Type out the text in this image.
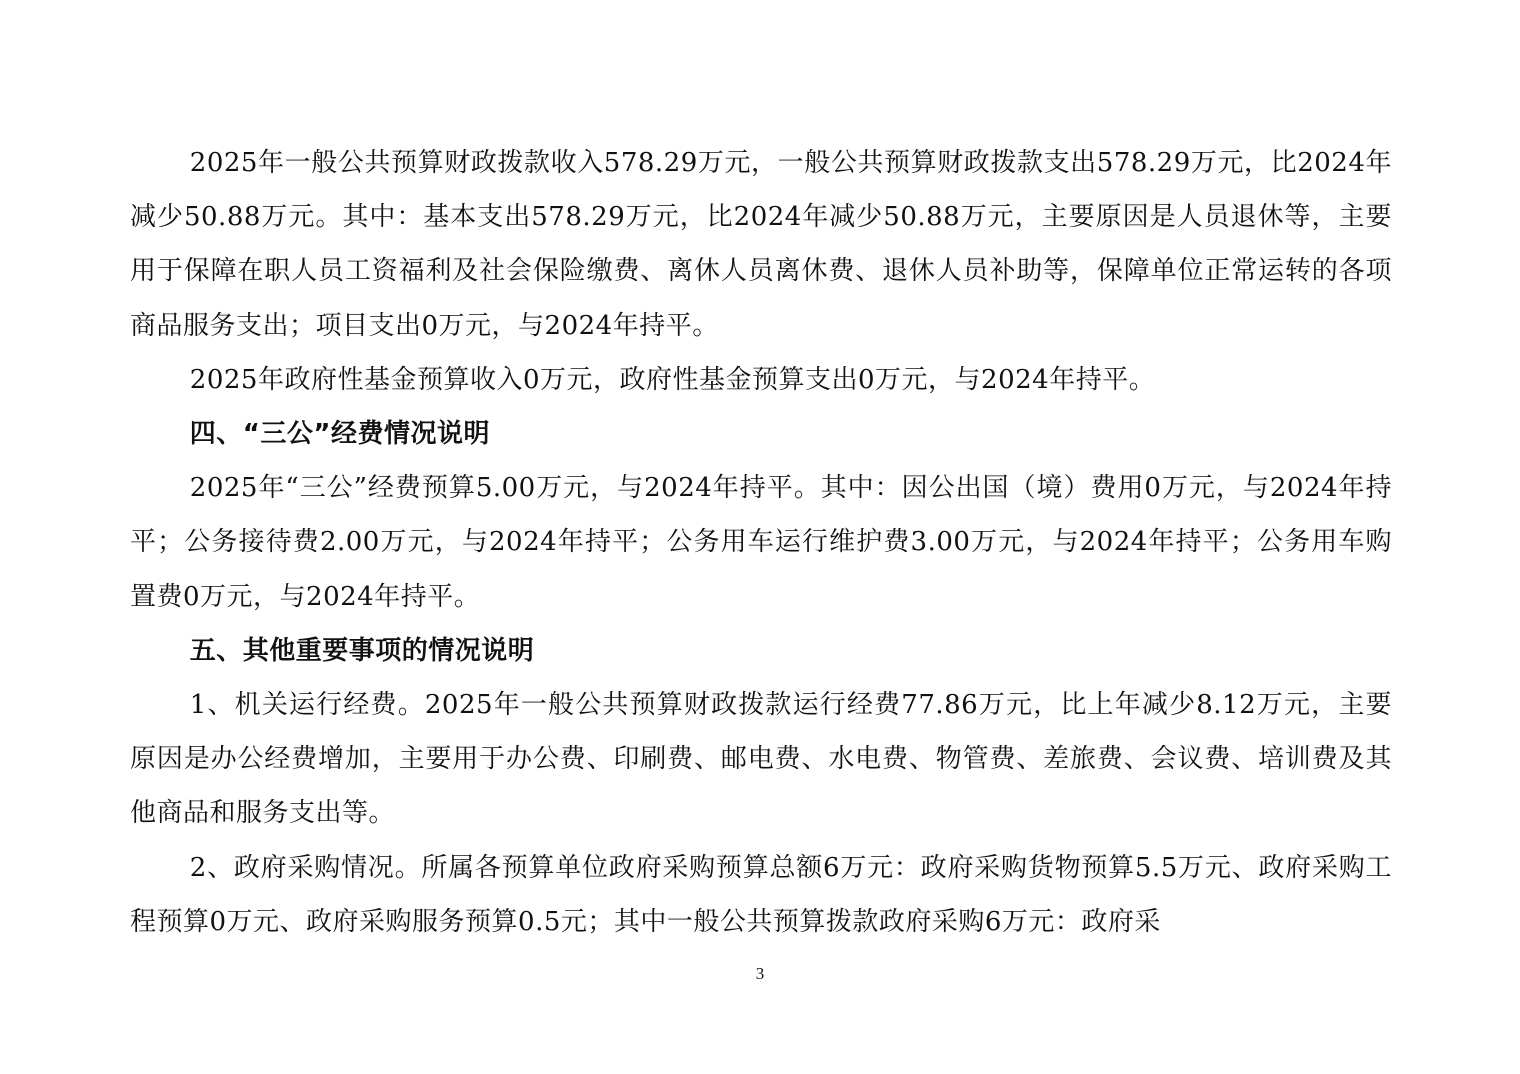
2025年一般公共预算财政拨款收入578.29万元，一般公共预算财政拨款支出578.29万元，比2024年减少50.88万元。其中：基本支出578.29万元，比2024年减少50.88万元，主要原因是人员退休等，主要用于保障在职人员工资福利及社会保险缴费、离休人员离休费、退休人员补助等，保障单位正常运转的各项商品服务支出；项目支出0万元，与2024年持平。

2025年政府性基金预算收入0万元，政府性基金预算支出0万元，与2024年持平。

四、“三公”经费情况说明

2025年“三公”经费预算5.00万元，与2024年持平。其中：因公出国（境）费用0万元，与2024年持平；公务接待费2.00万元，与2024年持平；公务用车运行维护费3.00万元，与2024年持平；公务用车购置费0万元，与2024年持平。

五、其他重要事项的情况说明

1、机关运行经费。2025年一般公共预算财政拨款运行经费77.86万元，比上年减少8.12万元，主要原因是办公经费增加，主要用于办公费、印刷费、邮电费、水电费、物管费、差旅费、会议费、培训费及其他商品和服务支出等。

2、政府采购情况。所属各预算单位政府采购预算总额6万元：政府采购货物预算5.5万元、政府采购工程预算0万元、政府采购服务预算0.5元；其中一般公共预算拨款政府采购6万元：政府采

3
